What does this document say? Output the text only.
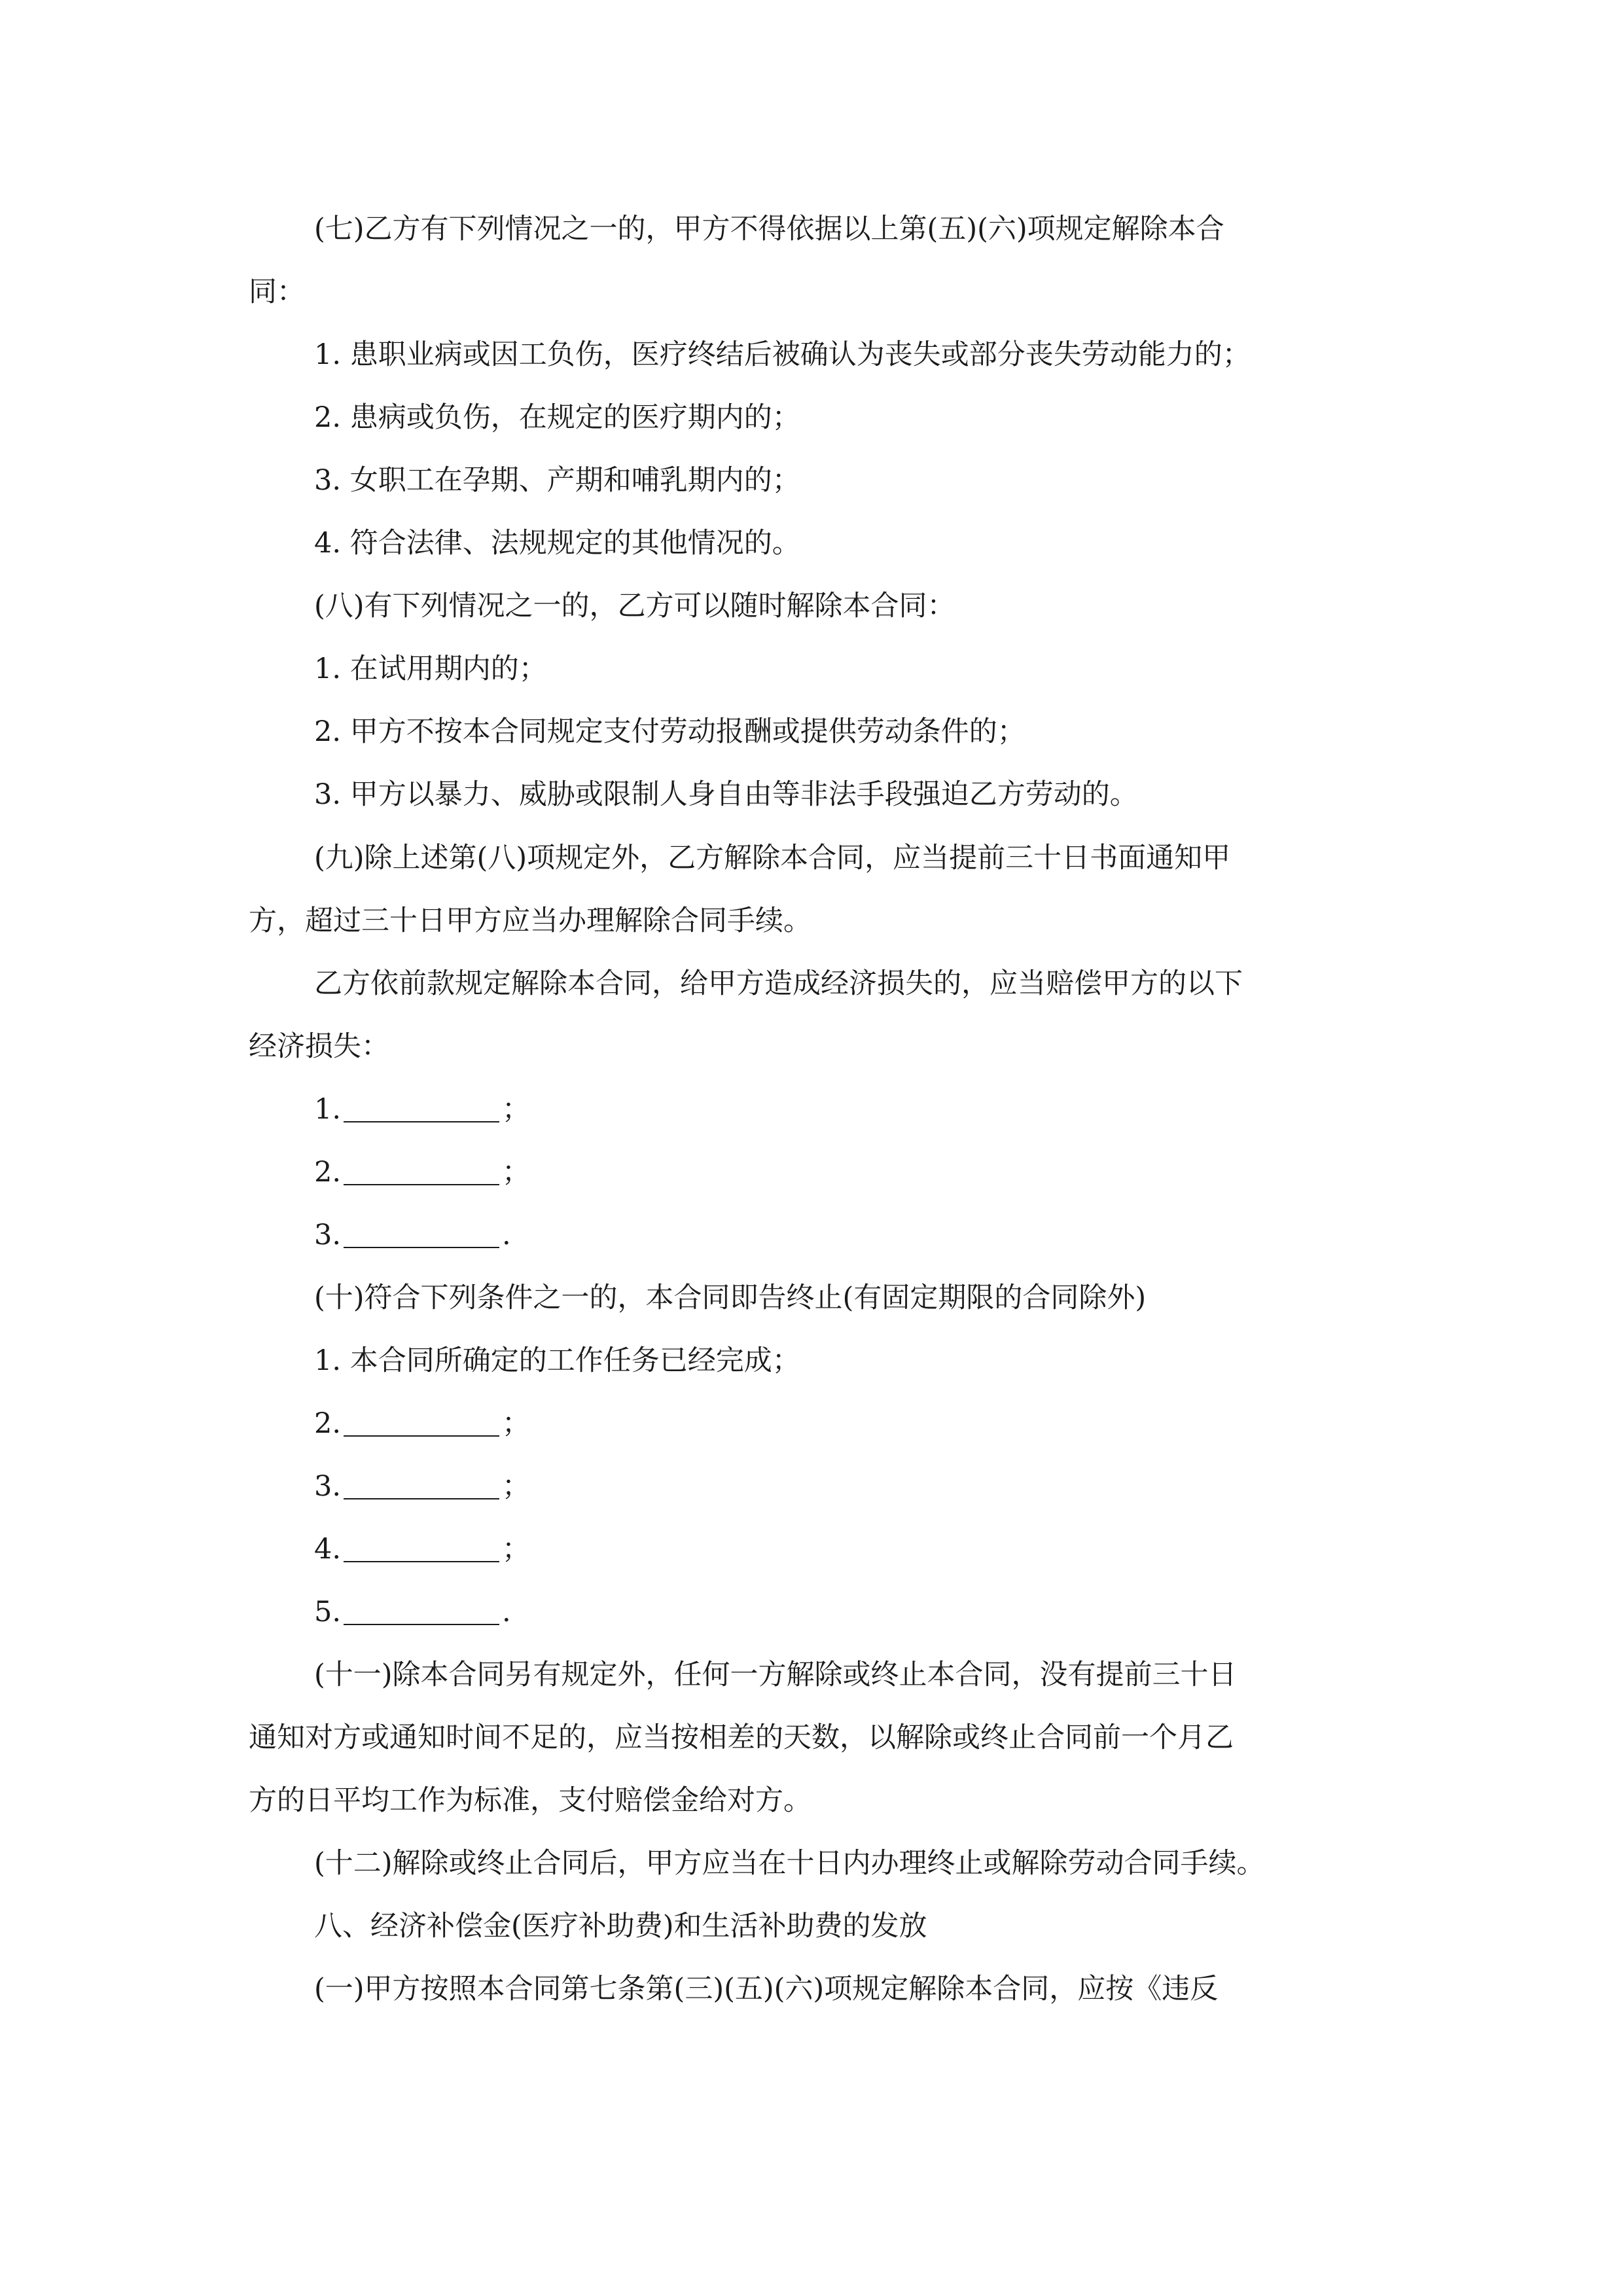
(七)乙方有下列情况之一的，甲方不得依据以上第(五)(六)项规定解除本合
同：
1. 患职业病或因工负伤，医疗终结后被确认为丧失或部分丧失劳动能力的；
2. 患病或负伤，在规定的医疗期内的；
3. 女职工在孕期、产期和哺乳期内的；
4. 符合法律、法规规定的其他情况的。
(八)有下列情况之一的，乙方可以随时解除本合同：
1. 在试用期内的；
2. 甲方不按本合同规定支付劳动报酬或提供劳动条件的；
3. 甲方以暴力、威胁或限制人身自由等非法手段强迫乙方劳动的。
(九)除上述第(八)项规定外，乙方解除本合同，应当提前三十日书面通知甲
方，超过三十日甲方应当办理解除合同手续。
乙方依前款规定解除本合同，给甲方造成经济损失的，应当赔偿甲方的以下
经济损失：
1.	；
2.	；
3.	.
(十)符合下列条件之一的，本合同即告终止(有固定期限的合同除外)
1. 本合同所确定的工作任务已经完成；
2.	；
3.	；
4.	；
5.	.
(十一)除本合同另有规定外，任何一方解除或终止本合同，没有提前三十日
通知对方或通知时间不足的，应当按相差的天数，以解除或终止合同前一个月乙
方的日平均工作为标准，支付赔偿金给对方。
(十二)解除或终止合同后，甲方应当在十日内办理终止或解除劳动合同手续。
八、经济补偿金(医疗补助费)和生活补助费的发放
(一)甲方按照本合同第七条第(三)(五)(六)项规定解除本合同，应按《违反
